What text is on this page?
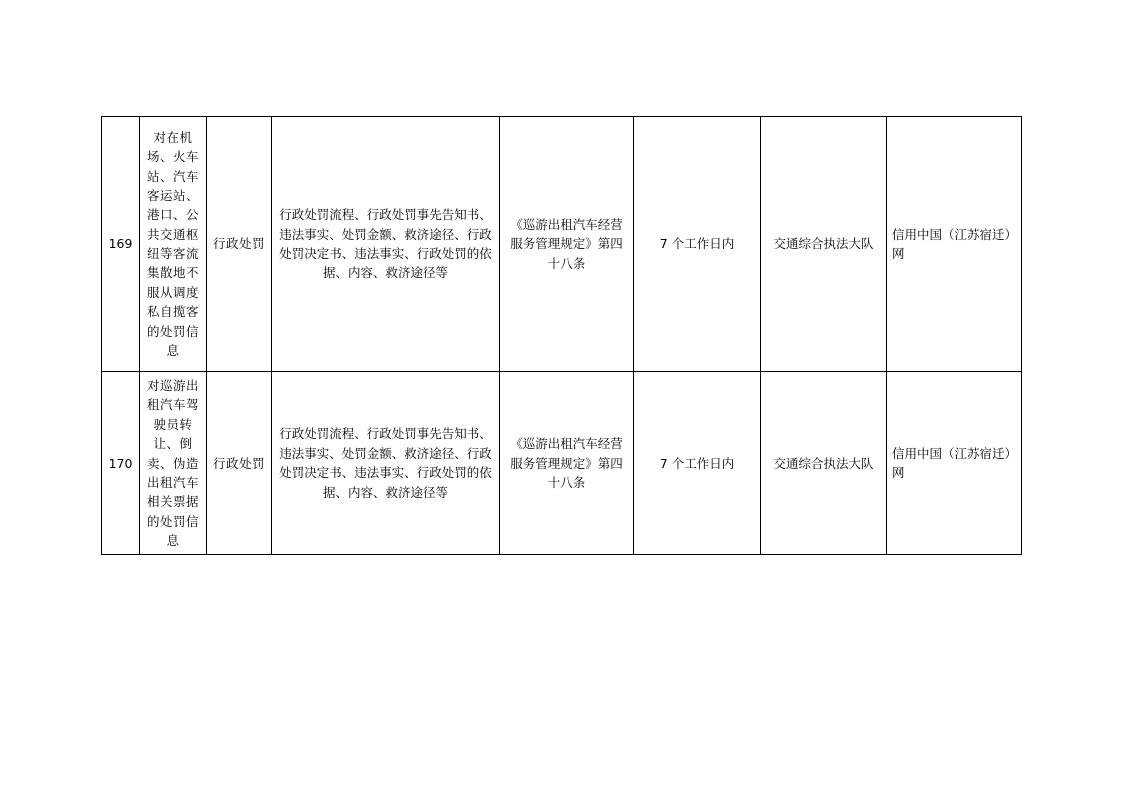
169	对在机场、火车站、汽车客运站、港口、公共交通枢纽等客流集散地不服从调度私自揽客的处罚信息	行政处罚	行政处罚流程、行政处罚事先告知书、违法事实、处罚金额、救济途径、行政处罚决定书、违法事实、行政处罚的依据、内容、救济途径等	《巡游出租汽车经营服务管理规定》第四十八条	7 个工作日内	交通综合执法大队	信用中国（江苏宿迁）网
170	对巡游出租汽车驾驶员转让、倒卖、伪造出租汽车相关票据的处罚信息	行政处罚	行政处罚流程、行政处罚事先告知书、违法事实、处罚金额、救济途径、行政处罚决定书、违法事实、行政处罚的依据、内容、救济途径等	《巡游出租汽车经营服务管理规定》第四十八条	7 个工作日内	交通综合执法大队	信用中国（江苏宿迁）网
